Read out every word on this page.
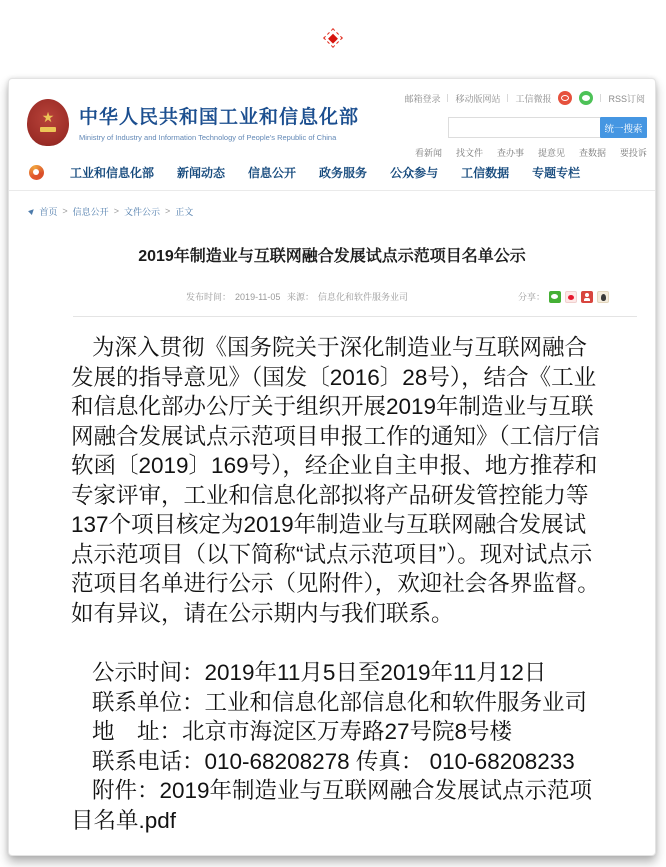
邮箱登录 移动版网站 工信微报	RSS订阅
★ 中华人民共和国工业和信息化部
Ministry of Industry and Information Technology of People's Republic of China
统一搜索
看新闻 找文件 查办事 提意见 查数据 要投诉
工业和信息化部 新闻动态 信息公开 政务服务 公众参与 工信数据 专题专栏
▶ 首页 > 信息公开 > 文件公示 > 正文
2019年制造业与互联网融合发展试点示范项目名单公示
发布时间： 2019-11-05 来源： 信息化和软件服务业司	分享：

为深入贯彻《国务院关于深化制造业与互联网融合发展的指导意见》（国发〔2016〕28号），结合《工业和信息化部办公厅关于组织开展2019年制造业与互联网融合发展试点示范项目申报工作的通知》（工信厅信软函〔2019〕169号），经企业自主申报、地方推荐和专家评审，工业和信息化部拟将产品研发管控能力等137个项目核定为2019年制造业与互联网融合发展试点示范项目（以下简称“试点示范项目”）。现对试点示范项目名单进行公示（见附件），欢迎社会各界监督。如有异议，请在公示期内与我们联系。

公示时间：2019年11月5日至2019年11月12日
联系单位：工业和信息化部信息化和软件服务业司
地　址：北京市海淀区万寿路27号院8号楼
联系电话：010-68208278 传真： 010-68208233
附件：2019年制造业与互联网融合发展试点示范项目名单.pdf
